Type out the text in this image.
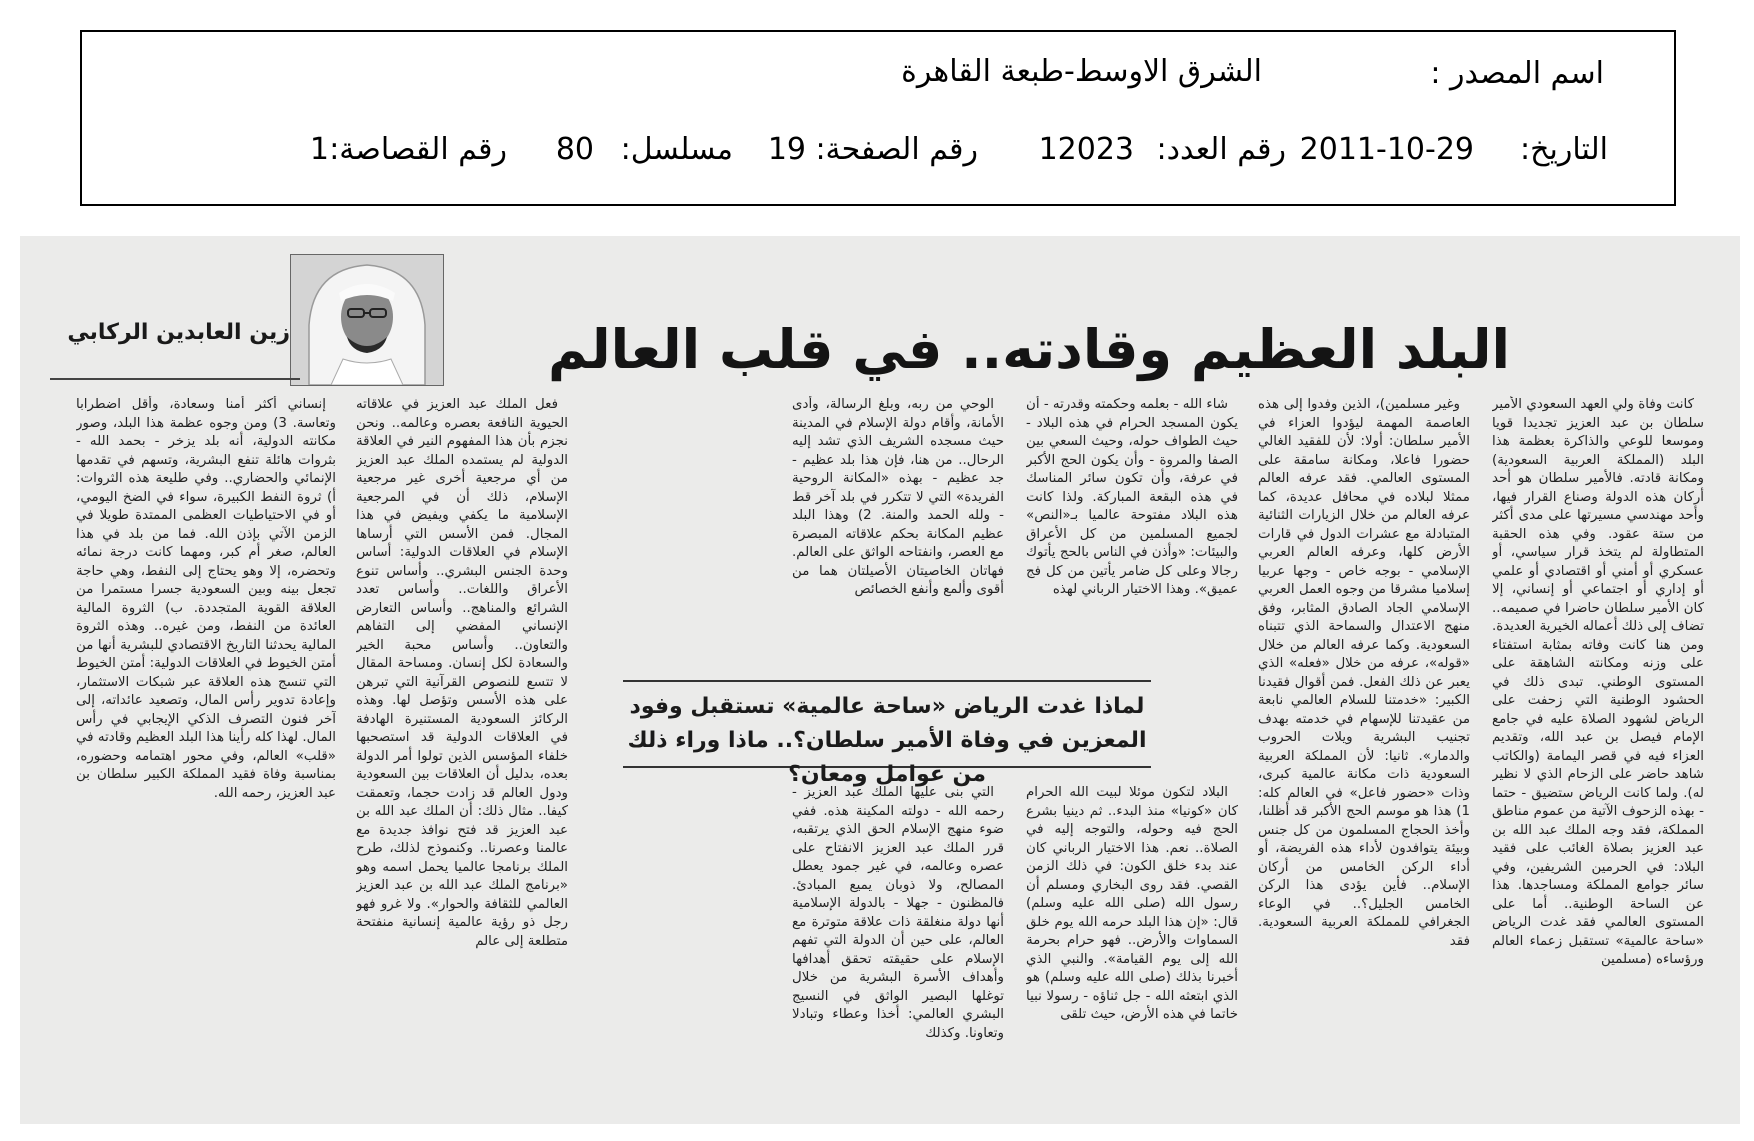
اسم المصدر :
الشرق الاوسط-طبعة القاهرة
التاريخ:
2011-10-29
رقم العدد:
12023
رقم الصفحة:
19
مسلسل:
80
رقم القصاصة:
1
البلد العظيم وقادته.. في قلب العالم
زين العابدين الركابي

كانت وفاة ولي العهد السعودي الأمير سلطان بن عبد العزيز تجديدا قويا وموسعا للوعي والذاكرة بعظمة هذا البلد (المملكة العربية السعودية) ومكانة قادته. فالأمير سلطان هو أحد أركان هذه الدولة وصناع القرار فيها، وأحد مهندسي مسيرتها على مدى أكثر من ستة عقود. وفي هذه الحقبة المتطاولة لم يتخذ قرار سياسي، أو عسكري أو أمني أو اقتصادي أو علمي أو إداري أو اجتماعي أو إنساني، إلا كان الأمير سلطان حاضرا في صميمه.. تضاف إلى ذلك أعماله الخيرية العديدة. ومن هنا كانت وفاته بمثابة استفتاء على وزنه ومكانته الشاهقة على المستوى الوطني. تبدى ذلك في الحشود الوطنية التي زحفت على الرياض لشهود الصلاة عليه في جامع الإمام فيصل بن عبد الله، وتقديم العزاء فيه في قصر اليمامة (والكاتب شاهد حاضر على الزحام الذي لا نظير له). ولما كانت الرياض ستضيق - حتما - بهذه الزحوف الآتية من عموم مناطق المملكة، فقد وجه الملك عبد الله بن عبد العزيز بصلاة الغائب على فقيد البلاد: في الحرمين الشريفين، وفي سائر جوامع المملكة ومساجدها. هذا عن الساحة الوطنية.. أما على المستوى العالمي فقد غدت الرياض «ساحة عالمية» تستقبل زعماء العالم ورؤساءه (مسلمين

وغير مسلمين)، الذين وفدوا إلى هذه العاصمة المهمة ليؤدوا العزاء في الأمير سلطان: أولا: لأن للفقيد الغالي حضورا فاعلا، ومكانة سامقة على المستوى العالمي. فقد عرفه العالم ممثلا لبلاده في محافل عديدة، كما عرفه العالم من خلال الزيارات الثنائية المتبادلة مع عشرات الدول في قارات الأرض كلها، وعرفه العالم العربي الإسلامي - بوجه خاص - وجها عربيا إسلاميا مشرقا من وجوه العمل العربي الإسلامي الجاد الصادق المثابر، وفق منهج الاعتدال والسماحة الذي تتبناه السعودية. وكما عرفه العالم من خلال «قوله»، عرفه من خلال «فعله» الذي يعبر عن ذلك الفعل. فمن أقوال فقيدنا الكبير: «خدمتنا للسلام العالمي نابعة من عقيدتنا للإسهام في خدمته بهدف تجنيب البشرية ويلات الحروب والدمار». ثانيا: لأن المملكة العربية السعودية ذات مكانة عالمية كبرى، وذات «حضور فاعل» في العالم كله: 1) هذا هو موسم الحج الأكبر قد أظلنا، وأخذ الحجاج المسلمون من كل جنس وبيئة يتوافدون لأداء هذه الفريضة، أو أداء الركن الخامس من أركان الإسلام.. فأين يؤدى هذا الركن الخامس الجليل؟.. في الوعاء الجغرافي للمملكة العربية السعودية. فقد

شاء الله - بعلمه وحكمته وقدرته - أن يكون المسجد الحرام في هذه البلاد - حيث الطواف حوله، وحيث السعي بين الصفا والمروة - وأن يكون الحج الأكبر في عرفة، وأن تكون سائر المناسك في هذه البقعة المباركة. ولذا كانت هذه البلاد مفتوحة عالميا بـ«النص» لجميع المسلمين من كل الأعراق والبيئات: «وأذن في الناس بالحج يأتوك رجالا وعلى كل ضامر يأتين من كل فج عميق». وهذا الاختيار الرباني لهذه

الوحي من ربه، وبلغ الرسالة، وأدى الأمانة، وأقام دولة الإسلام في المدينة حيث مسجده الشريف الذي تشد إليه الرحال.. من هنا، فإن هذا بلد عظيم - جد عظيم - بهذه «المكانة الروحية الفريدة» التي لا تتكرر في بلد آخر قط - ولله الحمد والمنة. 2) وهذا البلد عظيم المكانة بحكم علاقاته المبصرة مع العصر، وانفتاحه الواثق على العالم. فهاتان الخاصيتان الأصيلتان هما من أقوى وألمع وأنفع الخصائص

لماذا غدت الرياض «ساحة عالمية» تستقبل وفود المعزين في وفاة الأمير سلطان؟.. ماذا وراء ذلك من عوامل ومعان؟

البلاد لتكون موئلا لبيت الله الحرام كان «كونيا» منذ البدء.. ثم دينيا بشرع الحج فيه وحوله، والتوجه إليه في الصلاة.. نعم. هذا الاختيار الرباني كان عند بدء خلق الكون: في ذلك الزمن القصي. فقد روى البخاري ومسلم أن رسول الله (صلى الله عليه وسلم) قال: «إن هذا البلد حرمه الله يوم خلق السماوات والأرض.. فهو حرام بحرمة الله إلى يوم القيامة». والنبي الذي أخبرنا بذلك (صلى الله عليه وسلم) هو الذي ابتعثه الله - جل ثناؤه - رسولا نبيا خاتما في هذه الأرض، حيث تلقى

التي بنى عليها الملك عبد العزيز - رحمه الله - دولته المكينة هذه. ففي ضوء منهج الإسلام الحق الذي يرتقبه، قرر الملك عبد العزيز الانفتاح على عصره وعالمه، في غير جمود يعطل المصالح، ولا ذوبان يميع المبادئ. فالمظنون - جهلا - بالدولة الإسلامية أنها دولة منغلقة ذات علاقة متوترة مع العالم، على حين أن الدولة التي تفهم الإسلام على حقيقته تحقق أهدافها وأهداف الأسرة البشرية من خلال توغلها البصير الواثق في النسيج البشري العالمي: أخذا وعطاء وتبادلا وتعاونا. وكذلك

فعل الملك عبد العزيز في علاقاته الحيوية النافعة بعصره وعالمه.. ونحن نجزم بأن هذا المفهوم النير في العلاقة الدولية لم يستمده الملك عبد العزيز من أي مرجعية أخرى غير مرجعية الإسلام، ذلك أن في المرجعية الإسلامية ما يكفي ويفيض في هذا المجال. فمن الأسس التي أرساها الإسلام في العلاقات الدولية: أساس وحدة الجنس البشري.. وأساس تنوع الأعراق واللغات.. وأساس تعدد الشرائع والمناهج.. وأساس التعارض الإنساني المفضي إلى التفاهم والتعاون.. وأساس محبة الخير والسعادة لكل إنسان. ومساحة المقال لا تتسع للنصوص القرآنية التي تبرهن على هذه الأسس وتؤصل لها. وهذه الركائز السعودية المستنيرة الهادفة في العلاقات الدولية قد استصحبها خلفاء المؤسس الذين تولوا أمر الدولة بعده، بدليل أن العلاقات بين السعودية ودول العالم قد زادت حجما، وتعمقت كيفا.. مثال ذلك: أن الملك عبد الله بن عبد العزيز قد فتح نوافذ جديدة مع عالمنا وعصرنا.. وكنموذج لذلك، طرح الملك برنامجا عالميا يحمل اسمه وهو «برنامج الملك عبد الله بن عبد العزيز العالمي للثقافة والحوار». ولا غرو فهو رجل ذو رؤية عالمية إنسانية منفتحة متطلعة إلى عالم

إنساني أكثر أمنا وسعادة، وأقل اضطرابا وتعاسة. 3) ومن وجوه عظمة هذا البلد، وصور مكانته الدولية، أنه بلد يزخر - بحمد الله - بثروات هائلة تنفع البشرية، وتسهم في تقدمها الإنمائي والحضاري.. وفي طليعة هذه الثروات: أ) ثروة النفط الكبيرة، سواء في الضخ اليومي، أو في الاحتياطيات العظمى الممتدة طويلا في الزمن الآتي بإذن الله. فما من بلد في هذا العالم، صغر أم كبر، ومهما كانت درجة نمائه وتحضره، إلا وهو يحتاج إلى النفط، وهي حاجة تجعل بينه وبين السعودية جسرا مستمرا من العلاقة القوية المتجددة. ب) الثروة المالية العائدة من النفط، ومن غيره.. وهذه الثروة المالية يحدثنا التاريخ الاقتصادي للبشرية أنها من أمتن الخيوط في العلاقات الدولية: أمتن الخيوط التي تنسج هذه العلاقة عبر شبكات الاستثمار، وإعادة تدوير رأس المال، وتصعيد عائداته، إلى آخر فنون التصرف الذكي الإيجابي في رأس المال. لهذا كله رأينا هذا البلد العظيم وقادته في «قلب» العالم، وفي محور اهتمامه وحضوره، بمناسبة وفاة فقيد المملكة الكبير سلطان بن عبد العزيز، رحمه الله.
